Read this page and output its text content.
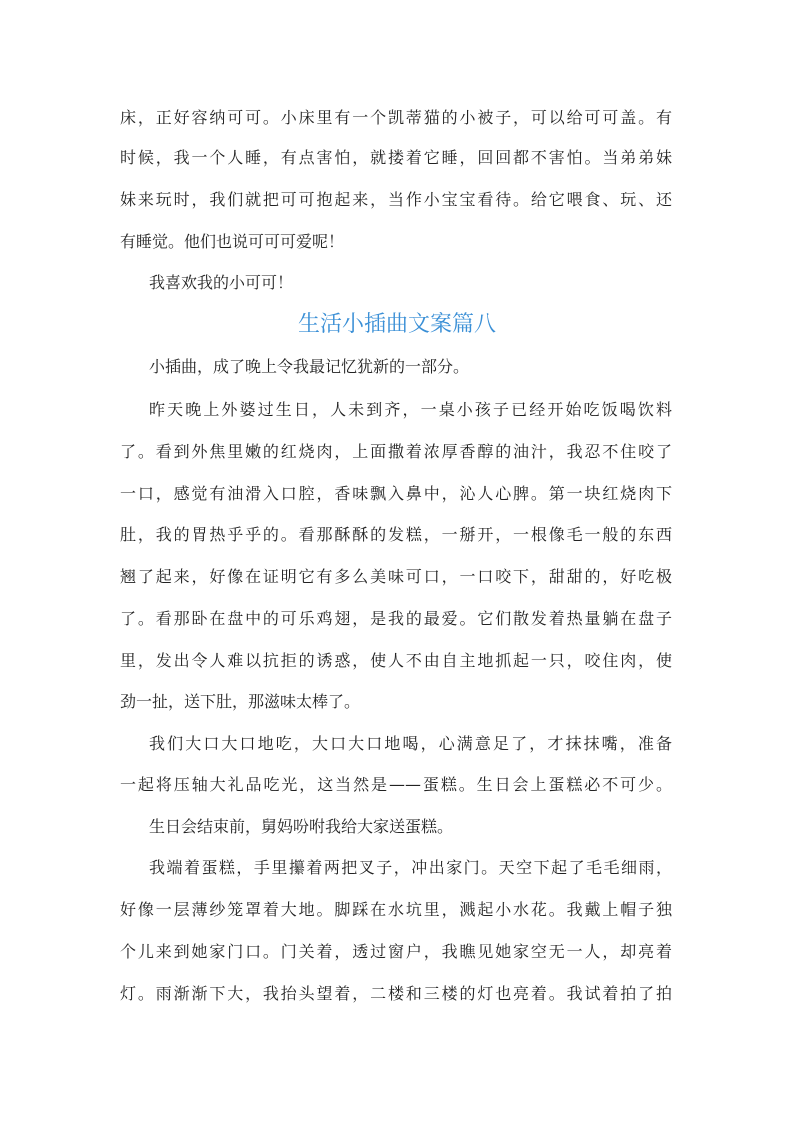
床，正好容纳可可。小床里有一个凯蒂猫的小被子，可以给可可盖。有
时候，我一个人睡，有点害怕，就搂着它睡，回回都不害怕。当弟弟妹
妹来玩时，我们就把可可抱起来，当作小宝宝看待。给它喂食、玩、还
有睡觉。他们也说可可可爱呢！
我喜欢我的小可可！
生活小插曲文案篇八
小插曲，成了晚上令我最记忆犹新的一部分。
昨天晚上外婆过生日，人未到齐，一桌小孩子已经开始吃饭喝饮料
了。看到外焦里嫩的红烧肉，上面撒着浓厚香醇的油汁，我忍不住咬了
一口，感觉有油滑入口腔，香味飘入鼻中，沁人心脾。第一块红烧肉下
肚，我的胃热乎乎的。看那酥酥的发糕，一掰开，一根像毛一般的东西
翘了起来，好像在证明它有多么美味可口，一口咬下，甜甜的，好吃极
了。看那卧在盘中的可乐鸡翅，是我的最爱。它们散发着热量躺在盘子
里，发出令人难以抗拒的诱惑，使人不由自主地抓起一只，咬住肉，使
劲一扯，送下肚，那滋味太棒了。
我们大口大口地吃，大口大口地喝，心满意足了，才抹抹嘴，准备
一起将压轴大礼品吃光，这当然是——蛋糕。生日会上蛋糕必不可少。
生日会结束前，舅妈吩咐我给大家送蛋糕。
我端着蛋糕，手里攥着两把叉子，冲出家门。天空下起了毛毛细雨，
好像一层薄纱笼罩着大地。脚踩在水坑里，溅起小水花。我戴上帽子独
个儿来到她家门口。门关着，透过窗户，我瞧见她家空无一人，却亮着
灯。雨渐渐下大，我抬头望着，二楼和三楼的灯也亮着。我试着拍了拍
